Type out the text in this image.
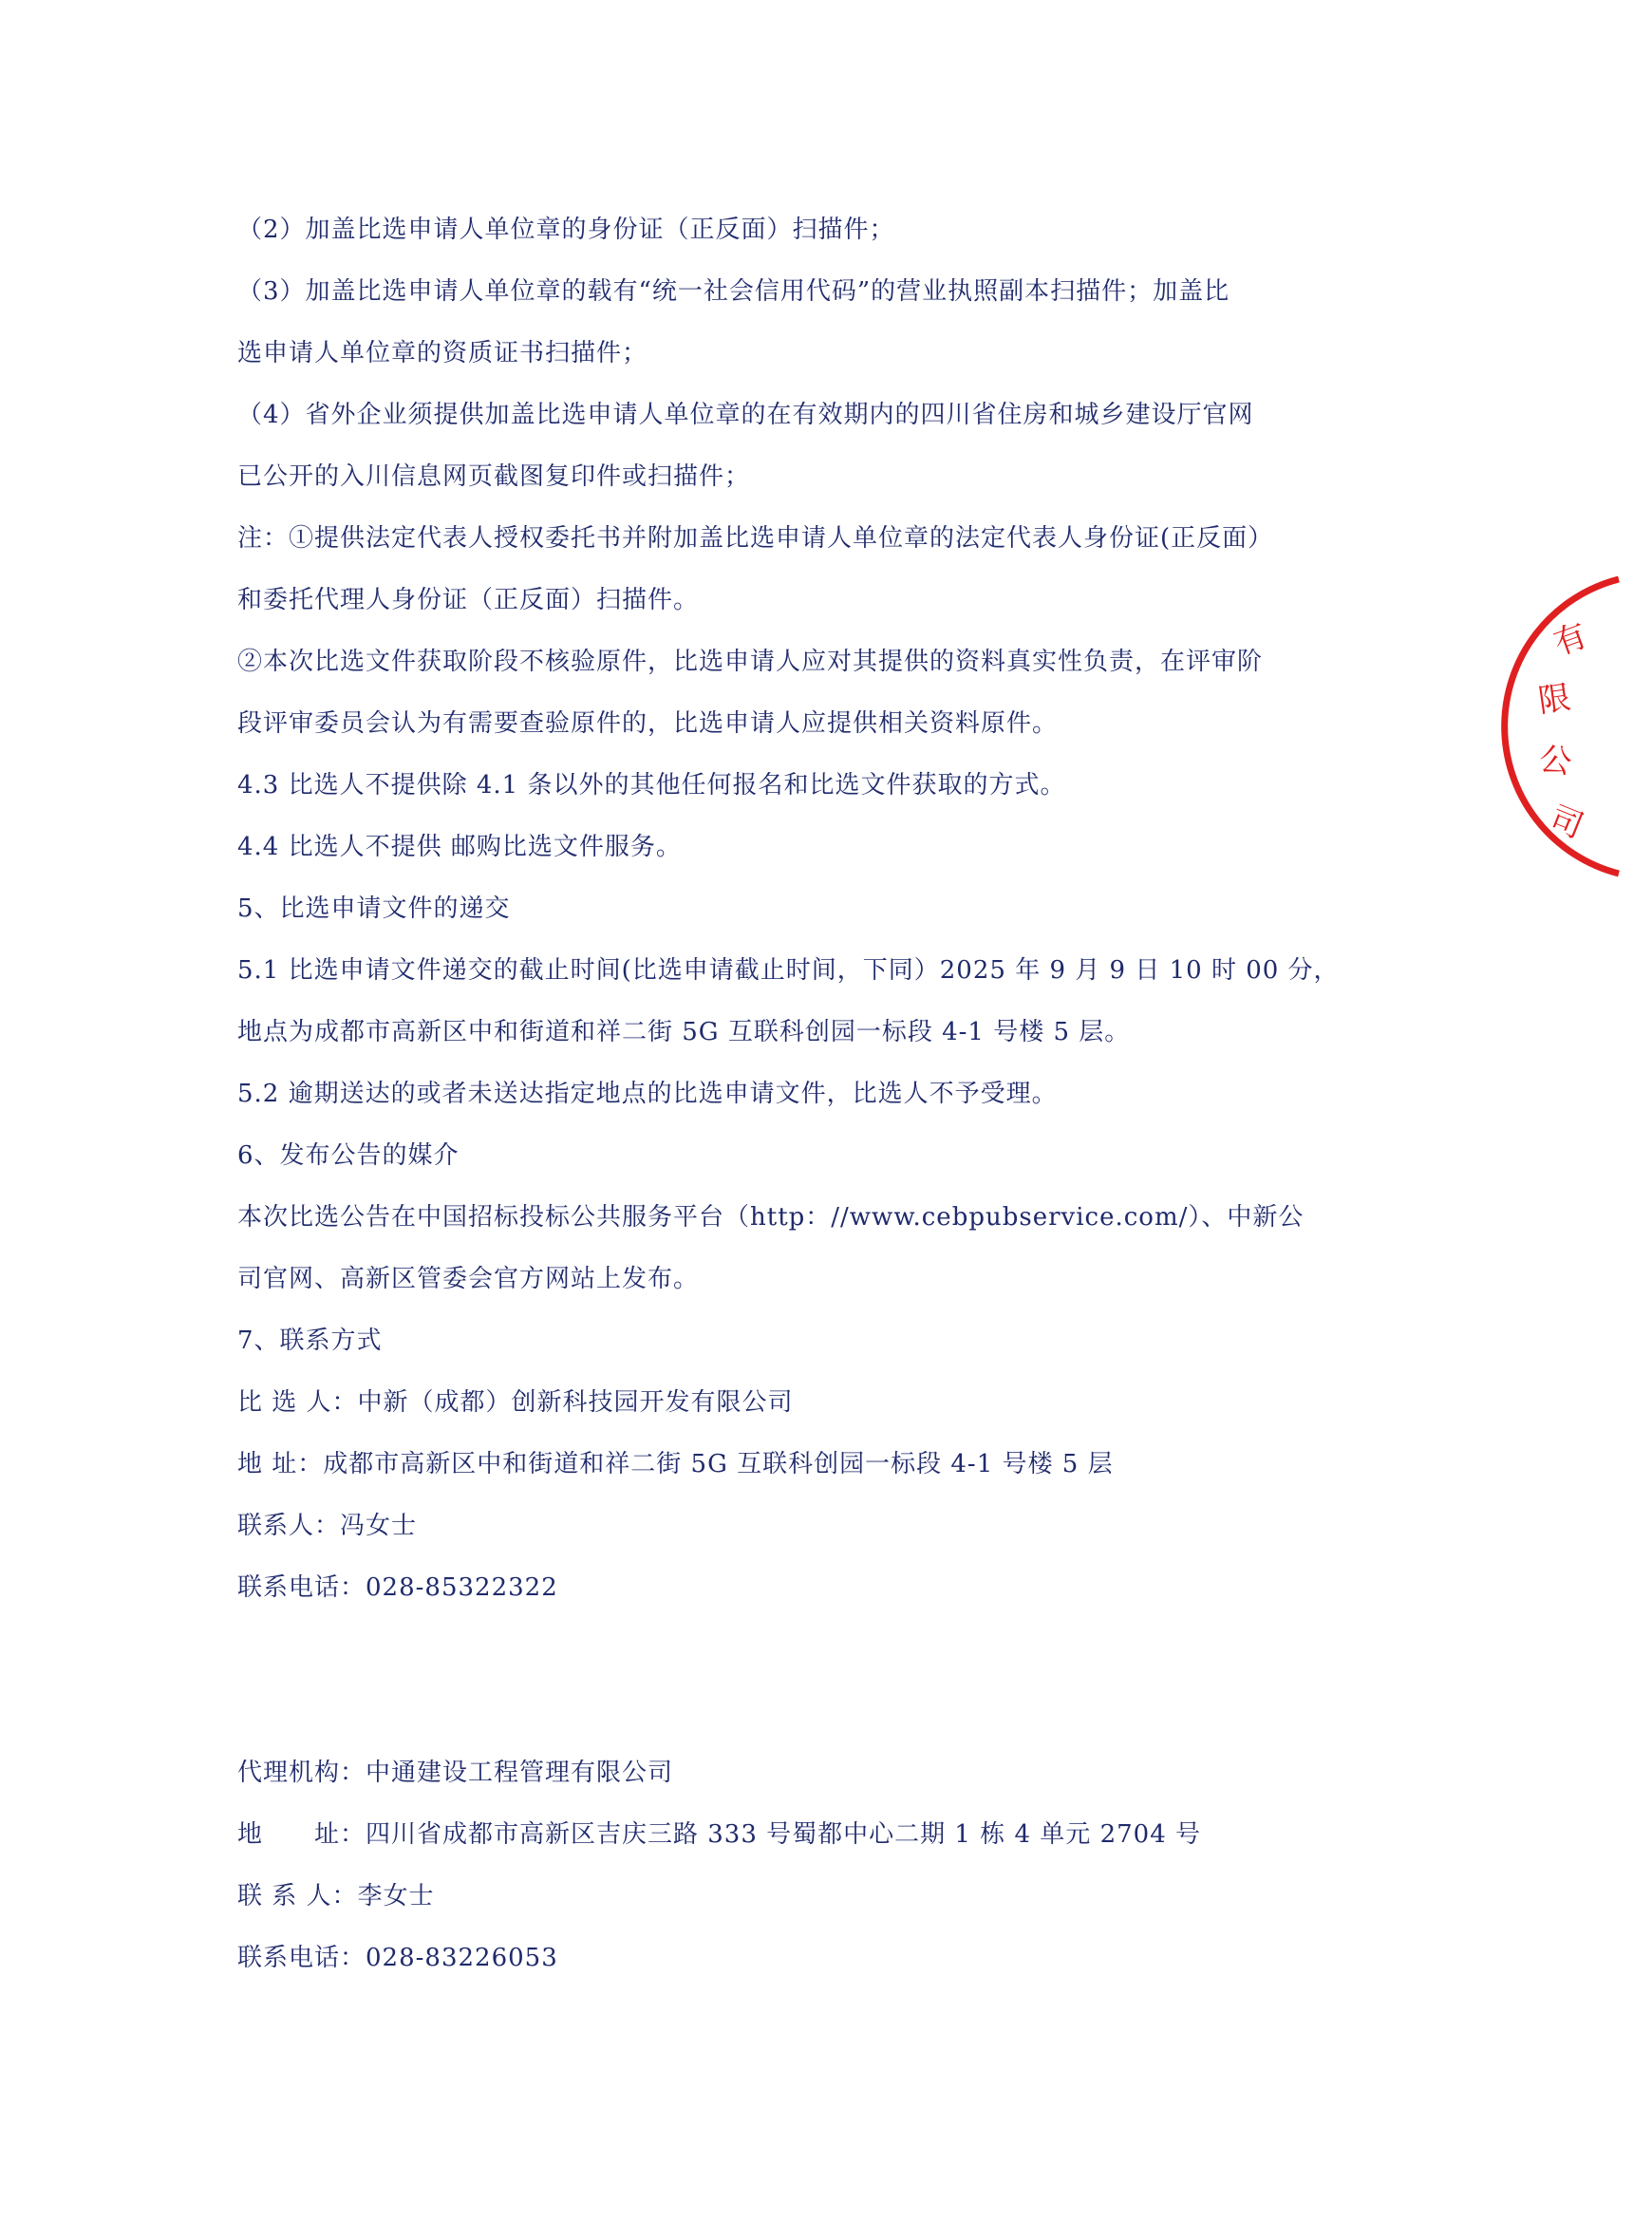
（2）加盖比选申请人单位章的身份证（正反面）扫描件；
（3）加盖比选申请人单位章的载有“统一社会信用代码”的营业执照副本扫描件；加盖比
选申请人单位章的资质证书扫描件；
（4）省外企业须提供加盖比选申请人单位章的在有效期内的四川省住房和城乡建设厅官网
已公开的入川信息网页截图复印件或扫描件；
注：①提供法定代表人授权委托书并附加盖比选申请人单位章的法定代表人身份证(正反面）
和委托代理人身份证（正反面）扫描件。
②本次比选文件获取阶段不核验原件，比选申请人应对其提供的资料真实性负责，在评审阶
段评审委员会认为有需要查验原件的，比选申请人应提供相关资料原件。
4.3 比选人不提供除 4.1 条以外的其他任何报名和比选文件获取的方式。
4.4 比选人不提供 邮购比选文件服务。
5、比选申请文件的递交
5.1 比选申请文件递交的截止时间(比选申请截止时间，下同）2025 年 9 月 9 日 10 时 00 分，
地点为成都市高新区中和街道和祥二街 5G 互联科创园一标段 4-1 号楼 5 层。
5.2 逾期送达的或者未送达指定地点的比选申请文件，比选人不予受理。
6、发布公告的媒介
本次比选公告在中国招标投标公共服务平台（http：//www.cebpubservice.com/）、中新公
司官网、高新区管委会官方网站上发布。
7、联系方式
比 选 人：中新（成都）创新科技园开发有限公司
地 址：成都市高新区中和街道和祥二街 5G 互联科创园一标段 4-1 号楼 5 层
联系人：冯女士
联系电话：028-85322322
代理机构：中通建设工程管理有限公司
地　　址：四川省成都市高新区吉庆三路 333 号蜀都中心二期 1 栋 4 单元 2704 号
联 系 人：李女士
联系电话：028-83226053
有
限
公
司
